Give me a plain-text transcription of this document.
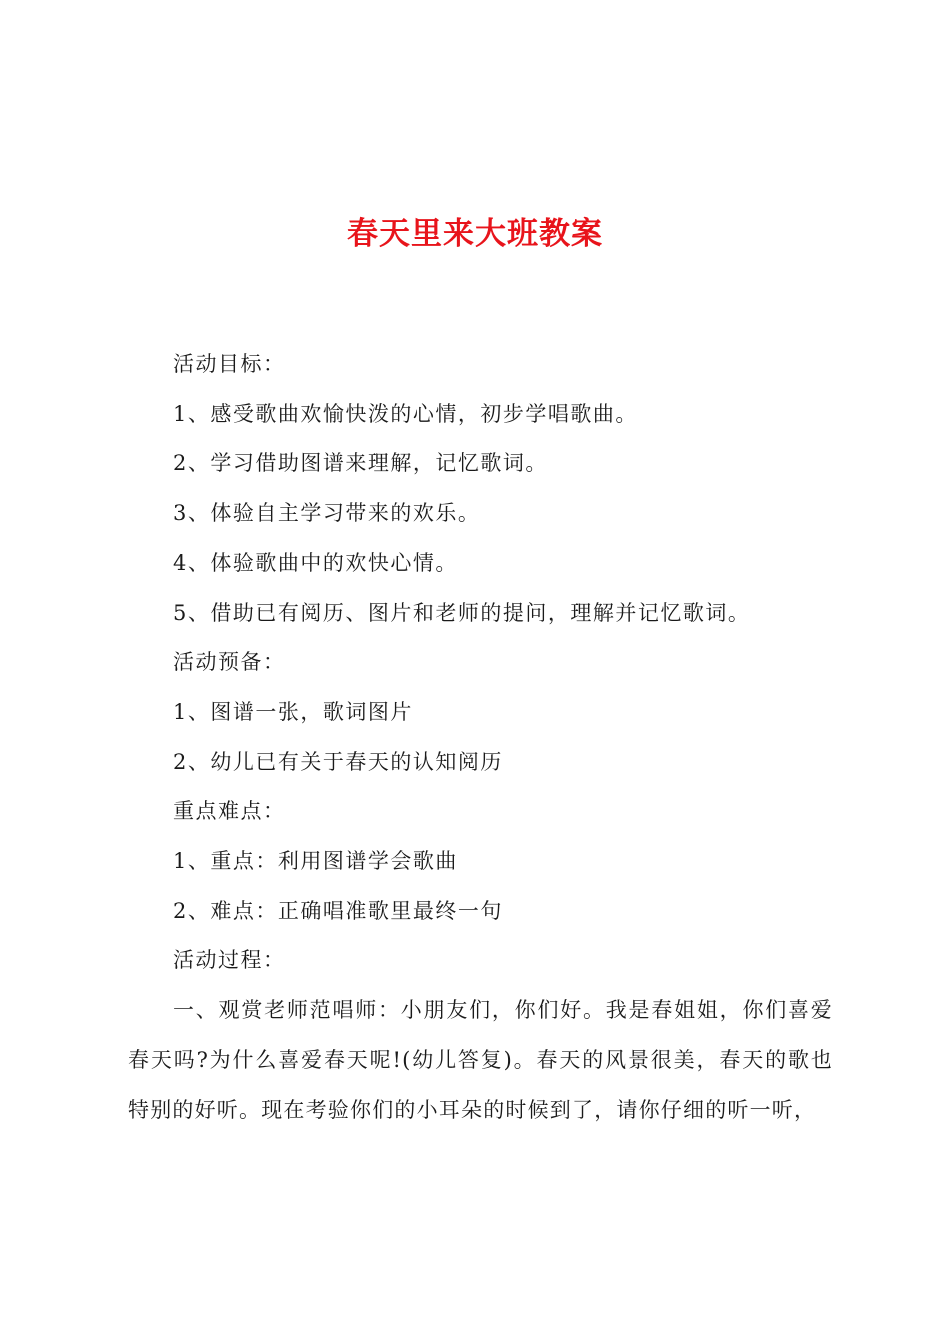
春天里来大班教案
活动目标：
1、感受歌曲欢愉快泼的心情，初步学唱歌曲。
2、学习借助图谱来理解，记忆歌词。
3、体验自主学习带来的欢乐。
4、体验歌曲中的欢快心情。
5、借助已有阅历、图片和老师的提问，理解并记忆歌词。
活动预备：
1、图谱一张，歌词图片
2、幼儿已有关于春天的认知阅历
重点难点：
1、重点：利用图谱学会歌曲
2、难点：正确唱准歌里最终一句
活动过程：

一、观赏老师范唱师：小朋友们，你们好。我是春姐姐，你们喜爱春天吗?为什么喜爱春天呢!(幼儿答复)。春天的风景很美，春天的歌也特别的好听。现在考验你们的小耳朵的时候到了，请你仔细的听一听，
